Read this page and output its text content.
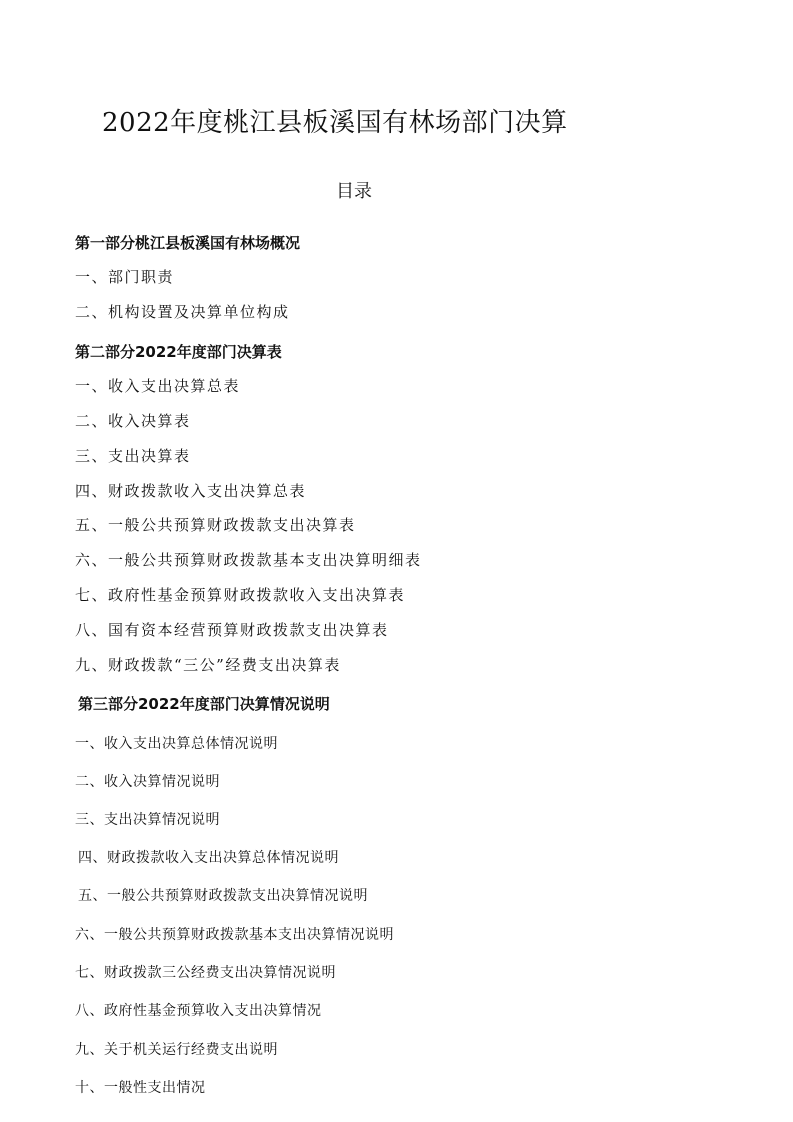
2022年度桃江县板溪国有林场部门决算
目录
第一部分桃江县板溪国有林场概况
一、部门职责
二、机构设置及决算单位构成
第二部分2022年度部门决算表
一、收入支出决算总表
二、收入决算表
三、支出决算表
四、财政拨款收入支出决算总表
五、一般公共预算财政拨款支出决算表
六、一般公共预算财政拨款基本支出决算明细表
七、政府性基金预算财政拨款收入支出决算表
八、国有资本经营预算财政拨款支出决算表
九、财政拨款“三公”经费支出决算表
第三部分2022年度部门决算情况说明
一、收入支出决算总体情况说明
二、收入决算情况说明
三、支出决算情况说明
四、财政拨款收入支出决算总体情况说明
五、一般公共预算财政拨款支出决算情况说明
六、一般公共预算财政拨款基本支出决算情况说明
七、财政拨款三公经费支出决算情况说明
八、政府性基金预算收入支出决算情况
九、关于机关运行经费支出说明
十、一般性支出情况
